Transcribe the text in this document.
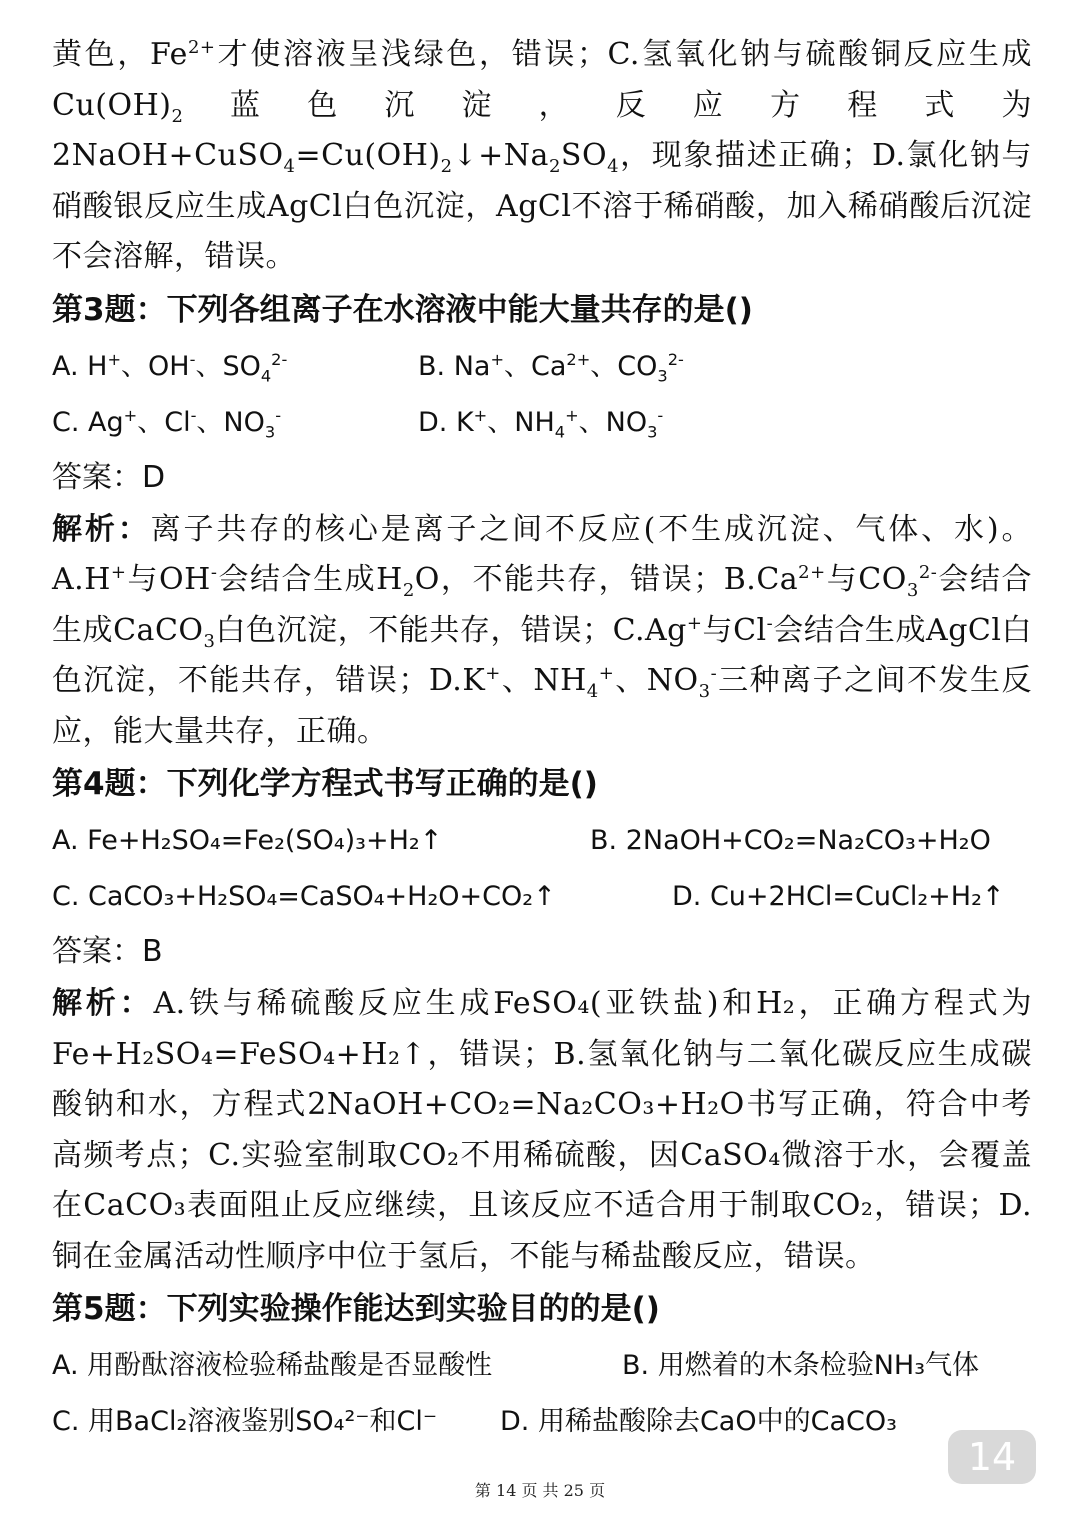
黄色，$Fe^{2+}$才使溶液呈浅绿色，错误；C.氢氧化钠与硫酸铜反应生成$Cu(OH)_2$蓝色沉淀，反应方程式为$2NaOH+CuSO_4=Cu(OH)_2↓+Na_2SO_4$，现象描述正确；D.氯化钠与硝酸银反应生成AgCl白色沉淀，AgCl不溶于稀硝酸，加入稀硝酸后沉淀不会溶解，错误。

第3题：下列各组离子在水溶液中能大量共存的是()
A. H+、OH-、$SO_4^{2-}$	B. Na+、$Ca^{2+}$、$CO_3^{2-}$
C. Ag+、Cl-、$NO_3^-$	D. K+、$NH_4^+$、$NO_3^-$

答案：D

解析：离子共存的核心是离子之间不反应(不生成沉淀、气体、水)。A.H+与OH-会结合生成$H_2O$，不能共存，错误；$B.Ca^{2+}$与$CO_3^{2-}$会结合生成CaCO$_3$白色沉淀，不能共存，错误；C.Ag+与Cl-会结合生成AgCl白色沉淀，不能共存，错误；D.K+、$NH_4^+$、$NO_3^-$三种离子之间不发生反应，能大量共存，正确。

第4题：下列化学方程式书写正确的是()
A. Fe+H₂SO₄=Fe₂(SO₄)₃+H₂↑	B. 2NaOH+CO₂=Na₂CO₃+H₂O
C. CaCO₃+H₂SO₄=CaSO₄+H₂O+CO₂↑	D. Cu+2HCl=CuCl₂+H₂↑

答案：B

解析：A.铁与稀硫酸反应生成FeSO₄(亚铁盐)和H₂，正确方程式为Fe+H₂SO₄=FeSO₄+H₂↑，错误；B.氢氧化钠与二氧化碳反应生成碳酸钠和水，方程式2NaOH+CO₂=Na₂CO₃+H₂O书写正确，符合中考高频考点；C.实验室制取CO₂不用稀硫酸，因CaSO₄微溶于水，会覆盖在CaCO₃表面阻止反应继续，且该反应不适合用于制取CO₂，错误；D.铜在金属活动性顺序中位于氢后，不能与稀盐酸反应，错误。

第5题：下列实验操作能达到实验目的的是()
A. 用酚酞溶液检验稀盐酸是否显酸性	B. 用燃着的木条检验NH₃气体
C. 用BaCl₂溶液鉴别SO₄²⁻和Cl⁻ D. 用稀盐酸除去CaO中的CaCO₃
14
第 14 页 共 25 页
